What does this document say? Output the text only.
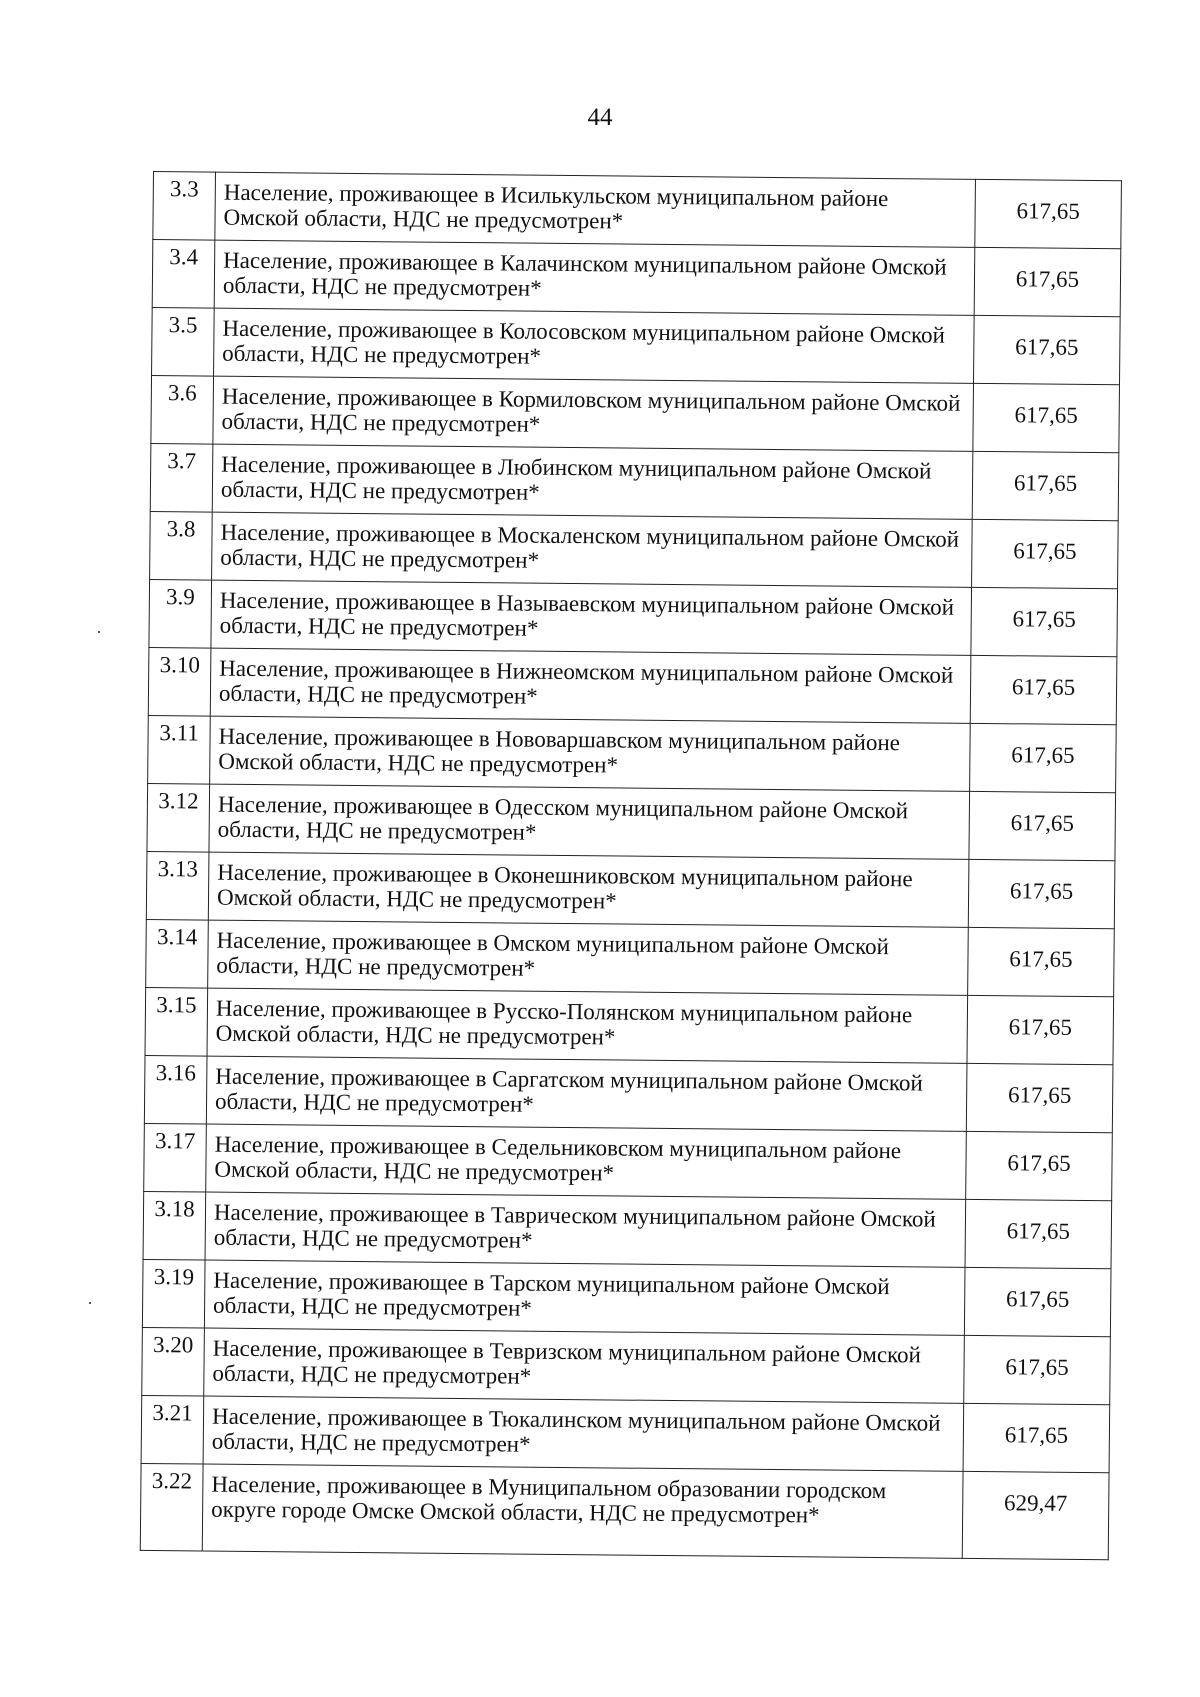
44
3.3	Население, проживающее в Исилькульском муниципальном районе Омской области, НДС не предусмотрен*	617,65
3.4	Население, проживающее в Калачинском муниципальном районе Омской области, НДС не предусмотрен*	617,65
3.5	Население, проживающее в Колосовском муниципальном районе Омской области, НДС не предусмотрен*	617,65
3.6	Население, проживающее в Кормиловском муниципальном районе Омской области, НДС не предусмотрен*	617,65
3.7	Население, проживающее в Любинском муниципальном районе Омской области, НДС не предусмотрен*	617,65
3.8	Население, проживающее в Москаленском муниципальном районе Омской области, НДС не предусмотрен*	617,65
3.9	Население, проживающее в Называевском муниципальном районе Омской области, НДС не предусмотрен*	617,65
3.10	Население, проживающее в Нижнеомском муниципальном районе Омской области, НДС не предусмотрен*	617,65
3.11	Население, проживающее в Нововаршавском муниципальном районе Омской области, НДС не предусмотрен*	617,65
3.12	Население, проживающее в Одесском муниципальном районе Омской области, НДС не предусмотрен*	617,65
3.13	Население, проживающее в Оконешниковском муниципальном районе Омской области, НДС не предусмотрен*	617,65
3.14	Население, проживающее в Омском муниципальном районе Омской области, НДС не предусмотрен*	617,65
3.15	Население, проживающее в Русско-Полянском муниципальном районе Омской области, НДС не предусмотрен*	617,65
3.16	Население, проживающее в Саргатском муниципальном районе Омской области, НДС не предусмотрен*	617,65
3.17	Население, проживающее в Седельниковском муниципальном районе Омской области, НДС не предусмотрен*	617,65
3.18	Население, проживающее в Таврическом муниципальном районе Омской области, НДС не предусмотрен*	617,65
3.19	Население, проживающее в Тарском муниципальном районе Омской области, НДС не предусмотрен*	617,65
3.20	Население, проживающее в Тевризском муниципальном районе Омской области, НДС не предусмотрен*	617,65
3.21	Население, проживающее в Тюкалинском муниципальном районе Омской области, НДС не предусмотрен*	617,65
3.22	Население, проживающее в Муниципальном образовании городском округе городе Омске Омской области, НДС не предусмотрен*	629,47
·
·
